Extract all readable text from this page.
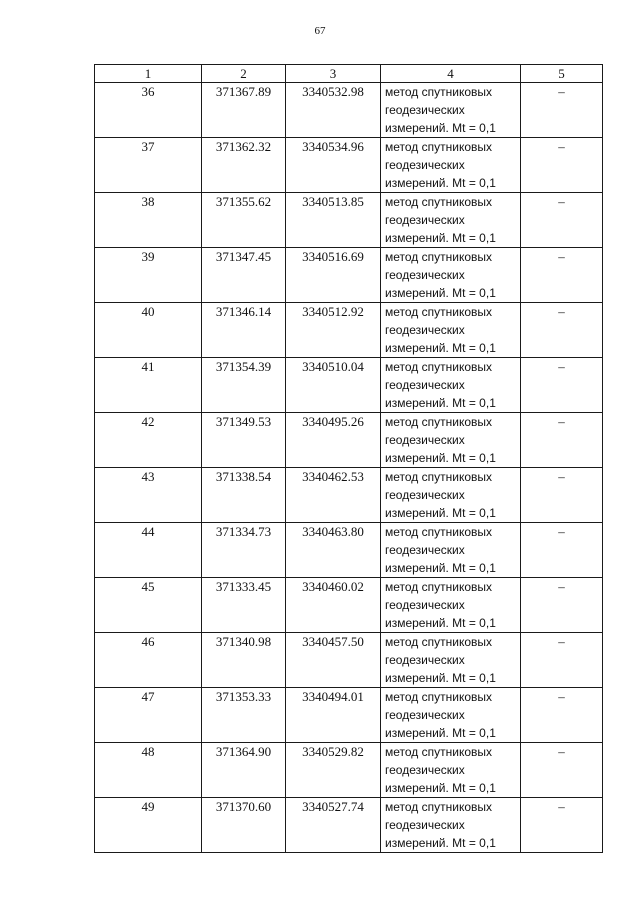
67
1	2	3	4	5
36	371367.89	3340532.98	метод спутниковых
геодезических
измерений. Mt = 0,1	–
37	371362.32	3340534.96	метод спутниковых
геодезических
измерений. Mt = 0,1	–
38	371355.62	3340513.85	метод спутниковых
геодезических
измерений. Mt = 0,1	–
39	371347.45	3340516.69	метод спутниковых
геодезических
измерений. Mt = 0,1	–
40	371346.14	3340512.92	метод спутниковых
геодезических
измерений. Mt = 0,1	–
41	371354.39	3340510.04	метод спутниковых
геодезических
измерений. Mt = 0,1	–
42	371349.53	3340495.26	метод спутниковых
геодезических
измерений. Mt = 0,1	–
43	371338.54	3340462.53	метод спутниковых
геодезических
измерений. Mt = 0,1	–
44	371334.73	3340463.80	метод спутниковых
геодезических
измерений. Mt = 0,1	–
45	371333.45	3340460.02	метод спутниковых
геодезических
измерений. Mt = 0,1	–
46	371340.98	3340457.50	метод спутниковых
геодезических
измерений. Mt = 0,1	–
47	371353.33	3340494.01	метод спутниковых
геодезических
измерений. Mt = 0,1	–
48	371364.90	3340529.82	метод спутниковых
геодезических
измерений. Mt = 0,1	–
49	371370.60	3340527.74	метод спутниковых
геодезических
измерений. Mt = 0,1	–
